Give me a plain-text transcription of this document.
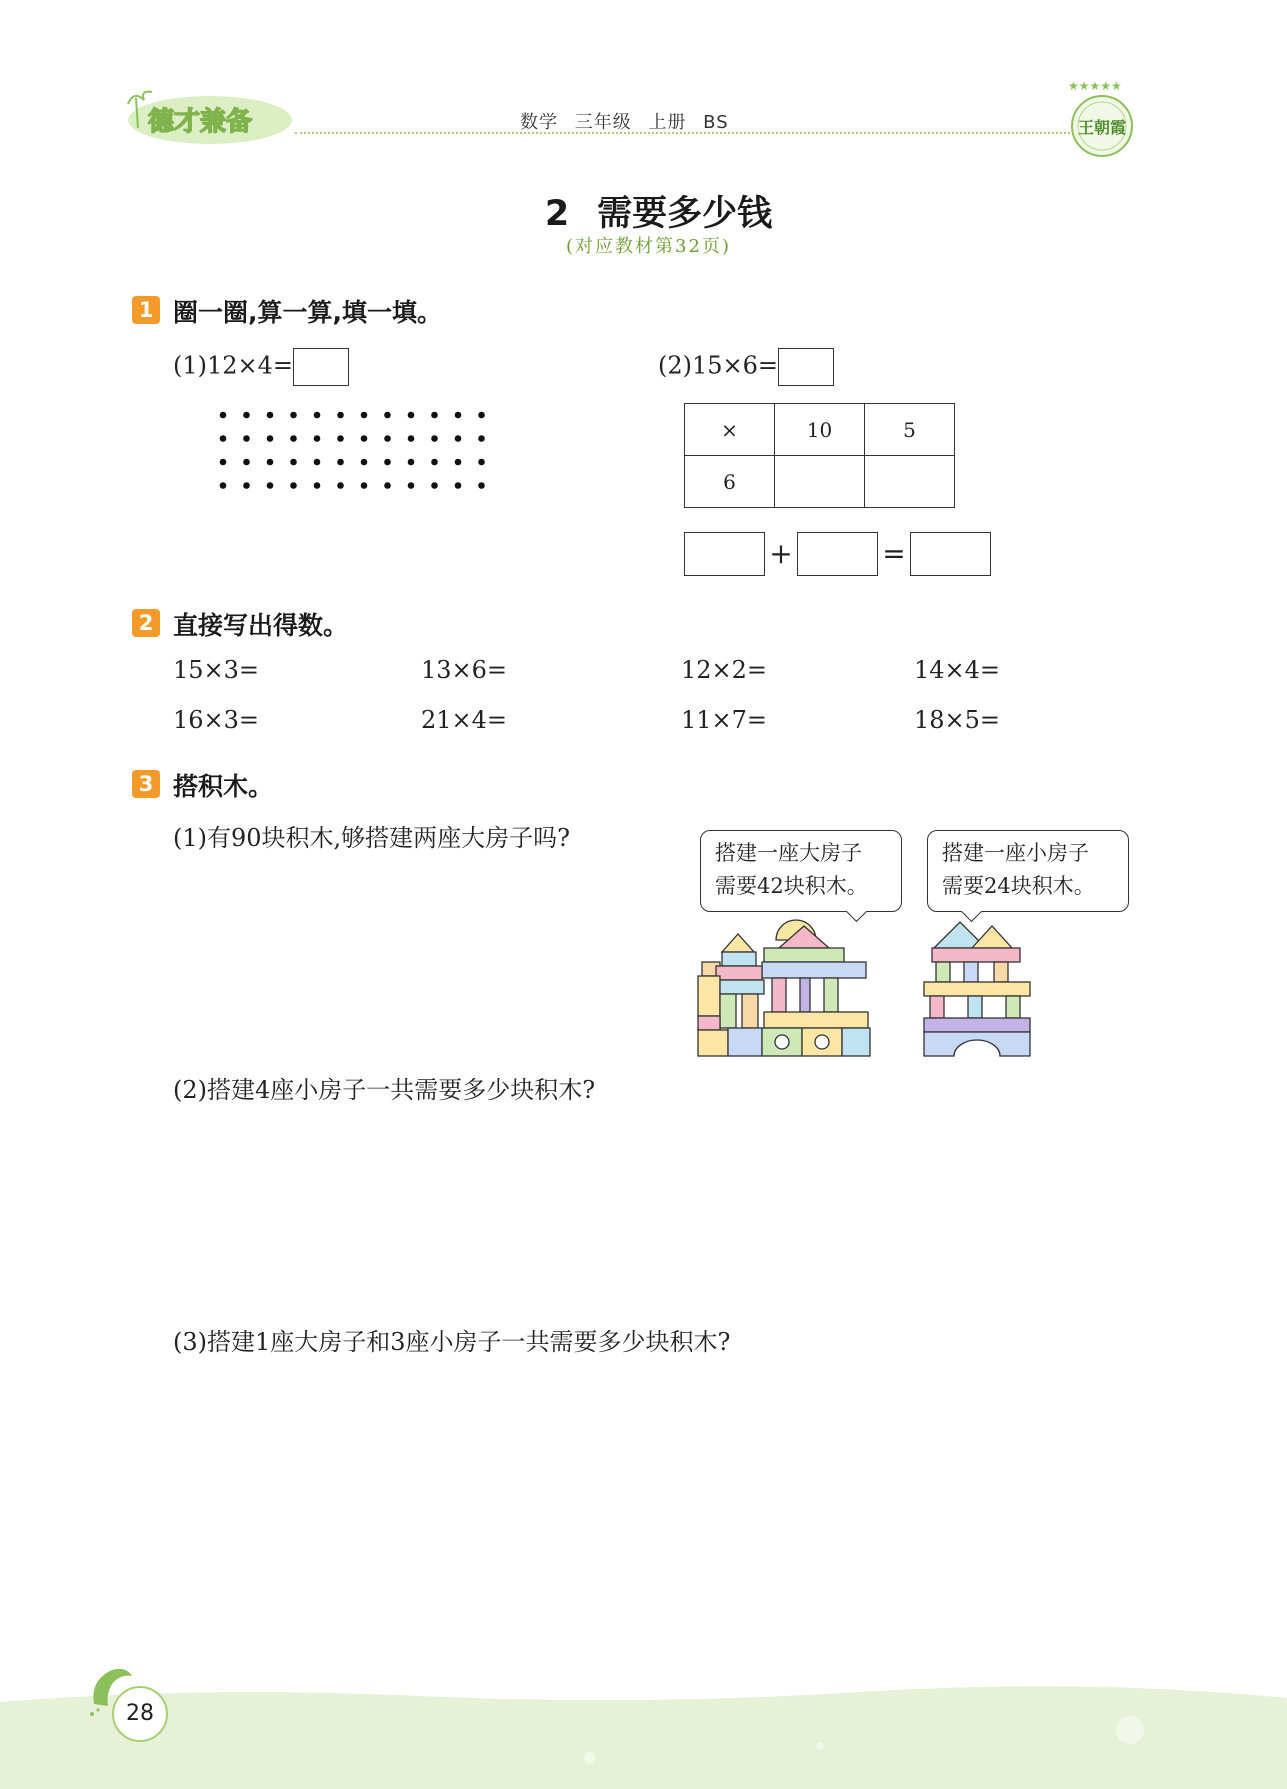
德才兼备	数学 三年级 上册 BS
★★★★★
王朝霞
2 需要多少钱
(对应教材第32页)
1 圈一圈,算一算,填一填。
(1)12×4=	(2)15×6=
×	10	5
6		
+	=
2 直接写出得数。
15×3=	13×6=	12×2=	14×4=
16×3=	21×4=	11×7=	18×5=
3 搭积木。
(1)有90块积木,够搭建两座大房子吗?
搭建一座大房子
需要42块积木。
搭建一座小房子
需要24块积木。
(2)搭建4座小房子一共需要多少块积木?
(3)搭建1座大房子和3座小房子一共需要多少块积木?
28
